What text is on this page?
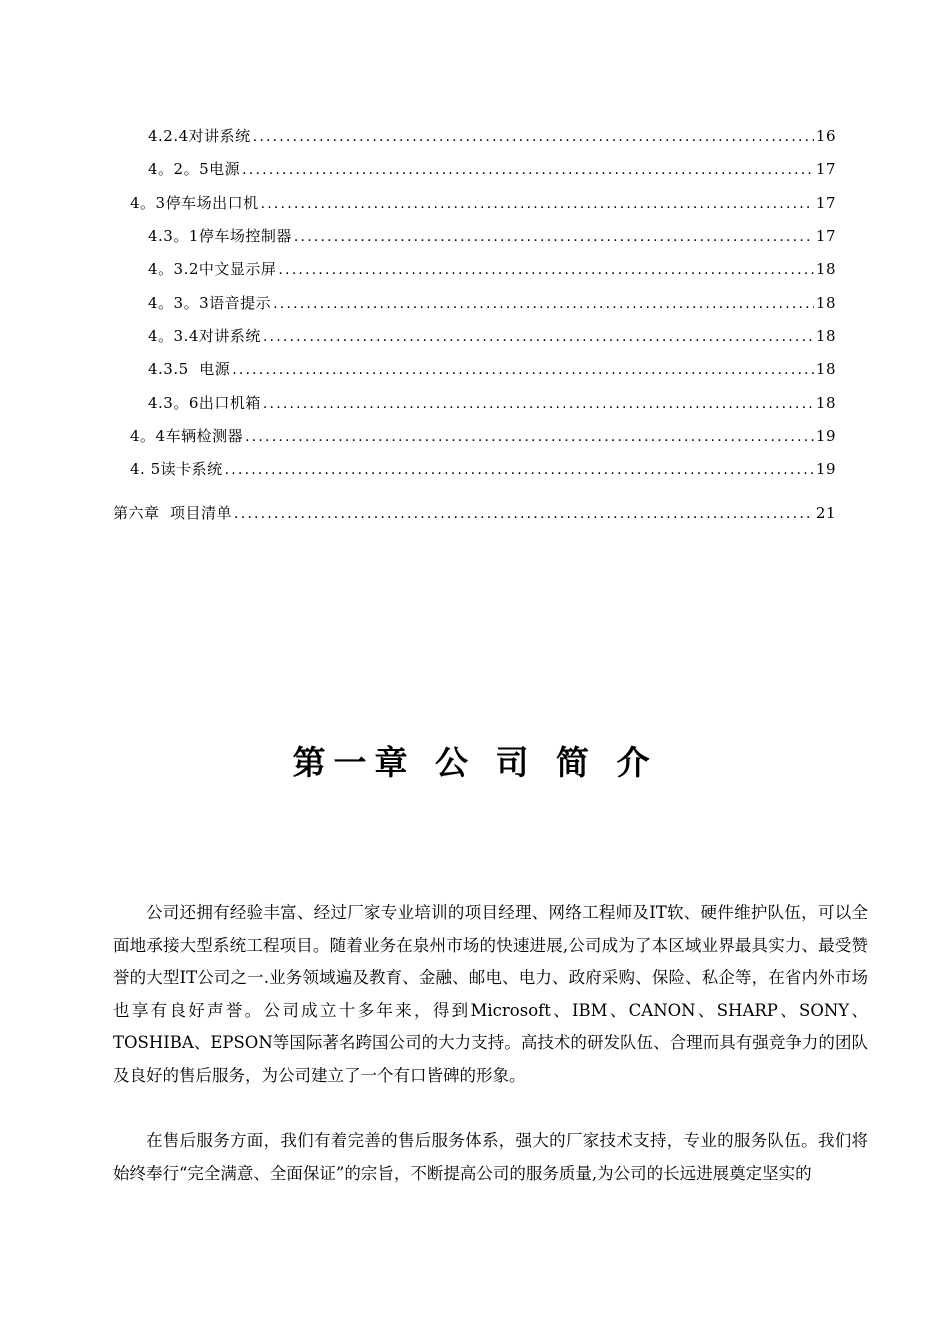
4.2.4对讲系统 .....	16
4。2。5电源 .....	17
4。3停车场出口机 .....	17
4.3。1停车场控制器 .....	17
4。3.2中文显示屏 .....	18
4。3。3语音提示 .....	18
4。3.4对讲系统 .....	18
4.3.5  电源 .....	18
4.3。6出口机箱 .....	18
4。4车辆检测器 .....	19
4. 5读卡系统 .....	19
第六章  项目清单 .....	21
第一章 公 司 简 介

公司还拥有经验丰富、经过厂家专业培训的项目经理、网络工程师及IT软、硬件维护队伍，可以全面地承接大型系统工程项目。随着业务在泉州市场的快速进展,公司成为了本区域业界最具实力、最受赞誉的大型IT公司之一.业务领域遍及教育、金融、邮电、电力、政府采购、保险、私企等，在省内外市场也享有良好声誉。公司成立十多年来，得到Microsoft、IBM、CANON、SHARP、SONY、TOSHIBA、EPSON等国际著名跨国公司的大力支持。高技术的研发队伍、合理而具有强竞争力的团队及良好的售后服务，为公司建立了一个有口皆碑的形象。

在售后服务方面，我们有着完善的售后服务体系，强大的厂家技术支持，专业的服务队伍。我们将始终奉行“完全满意、全面保证”的宗旨，不断提高公司的服务质量,为公司的长远进展奠定坚实的
